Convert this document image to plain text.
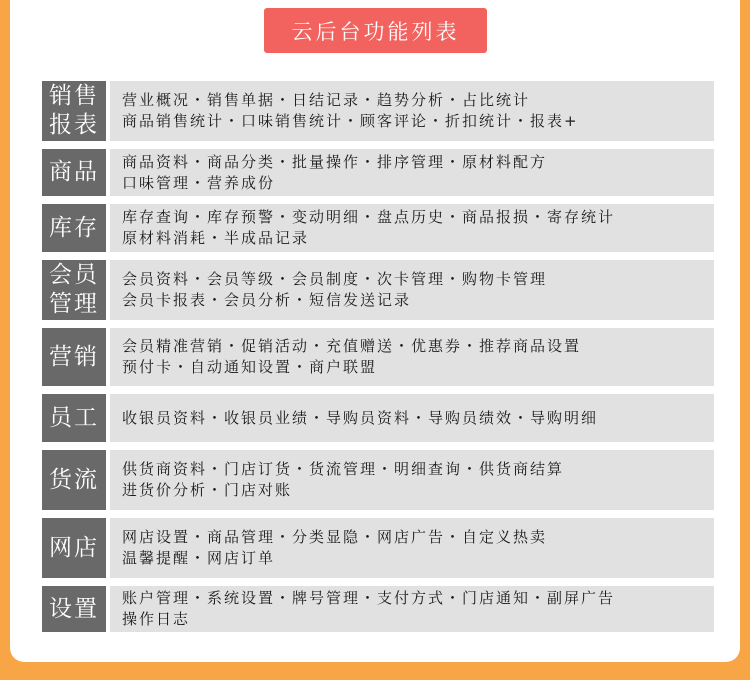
云后台功能列表
销售
报表
营业概况・销售单据・日结记录・趋势分析・占比统计
商品销售统计・口味销售统计・顾客评论・折扣统计・报表+
商品 商品资料・商品分类・批量操作・排序管理・原材料配方
口味管理・营养成份
库存 库存查询・库存预警・变动明细・盘点历史・商品报损・寄存统计
原材料消耗・半成品记录
会员
管理
会员资料・会员等级・会员制度・次卡管理・购物卡管理
会员卡报表・会员分析・短信发送记录
营销 会员精准营销・促销活动・充值赠送・优惠券・推荐商品设置
预付卡・自动通知设置・商户联盟
员工 收银员资料・收银员业绩・导购员资料・导购员绩效・导购明细
货流 供货商资料・门店订货・货流管理・明细查询・供货商结算
进货价分析・门店对账
网店 网店设置・商品管理・分类显隐・网店广告・自定义热卖
温馨提醒・网店订单
设置 账户管理・系统设置・牌号管理・支付方式・门店通知・副屏广告
操作日志
